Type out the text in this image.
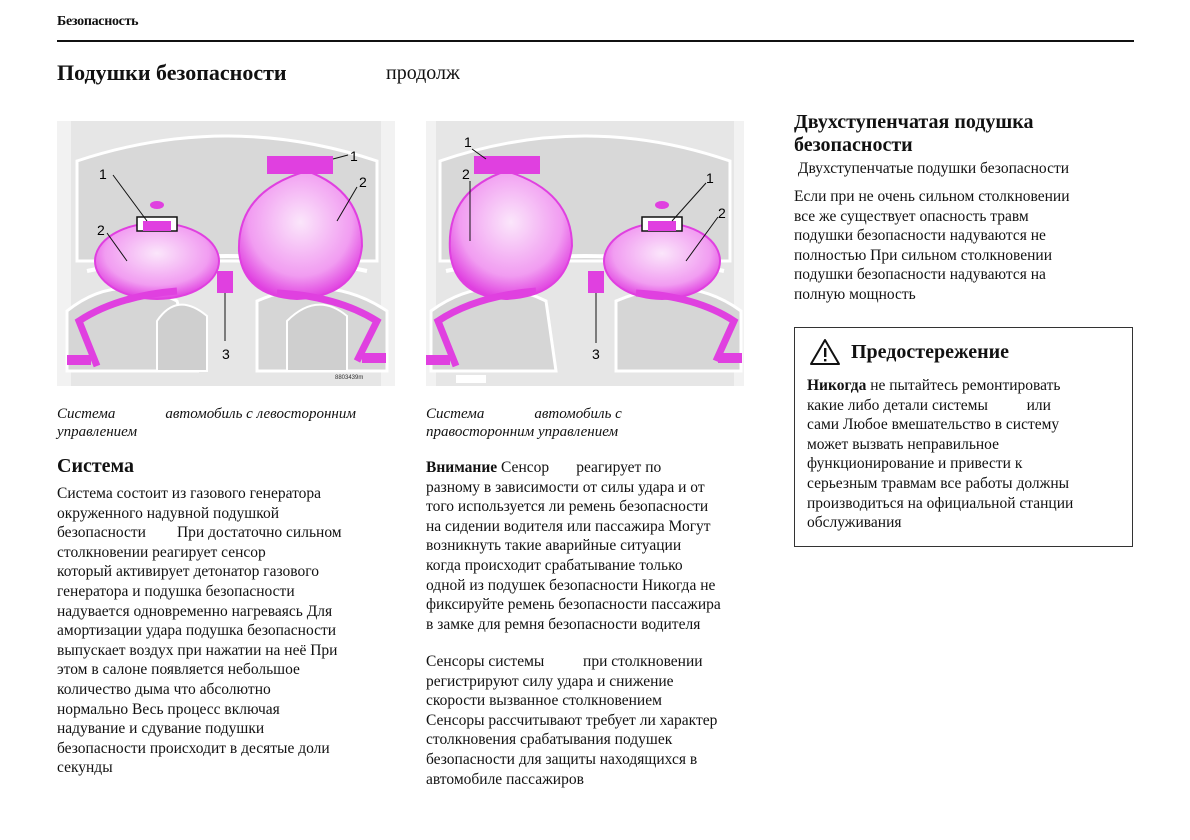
Безопасность
Подушки безопасности	продолж
1
2
1
2
3
8803439m
Система	автомобиль с левосторонним
управлением
1
2	1
2
3
Система	автомобиль с
правосторонним управлением
Система
Система состоит из газового генератора
окруженного надувной подушкой
безопасности        При достаточно сильном
столкновении реагирует сенсор
который активирует детонатор газового
генератора и подушка безопасности
надувается одновременно нагреваясь Для
амортизации удара подушка безопасности
выпускает воздух при нажатии на неё При
этом в салоне появляется небольшое
количество дыма что абсолютно
нормально Весь процесс включая
надувание и сдувание подушки
безопасности происходит в десятые доли
секунды
Внимание Сенсор       реагирует по
разному в зависимости от силы удара и от
того используется ли ремень безопасности
на сидении водителя или пассажира Могут
возникнуть такие аварийные ситуации
когда происходит срабатывание только
одной из подушек безопасности Никогда не
фиксируйте ремень безопасности пассажира
в замке для ремня безопасности водителя
Сенсоры системы          при столкновении
регистрируют силу удара и снижение
скорости вызванное столкновением
Сенсоры рассчитывают требует ли характер
столкновения срабатывания подушек
безопасности для защиты находящихся в
автомобиле пассажиров
Двухступенчатая подушка
безопасности
Двухступенчатые подушки безопасности
Если при не очень сильном столкновении
все же существует опасность травм
подушки безопасности надуваются не
полностью При сильном столкновении
подушки безопасности надуваются на
полную мощность
Предостережение
Никогда не пытайтесь ремонтировать
какие либо детали системы          или
сами Любое вмешательство в систему
может вызвать неправильное
функционирование и привести к
серьезным травмам все работы должны
производиться на официальной станции
обслуживания
